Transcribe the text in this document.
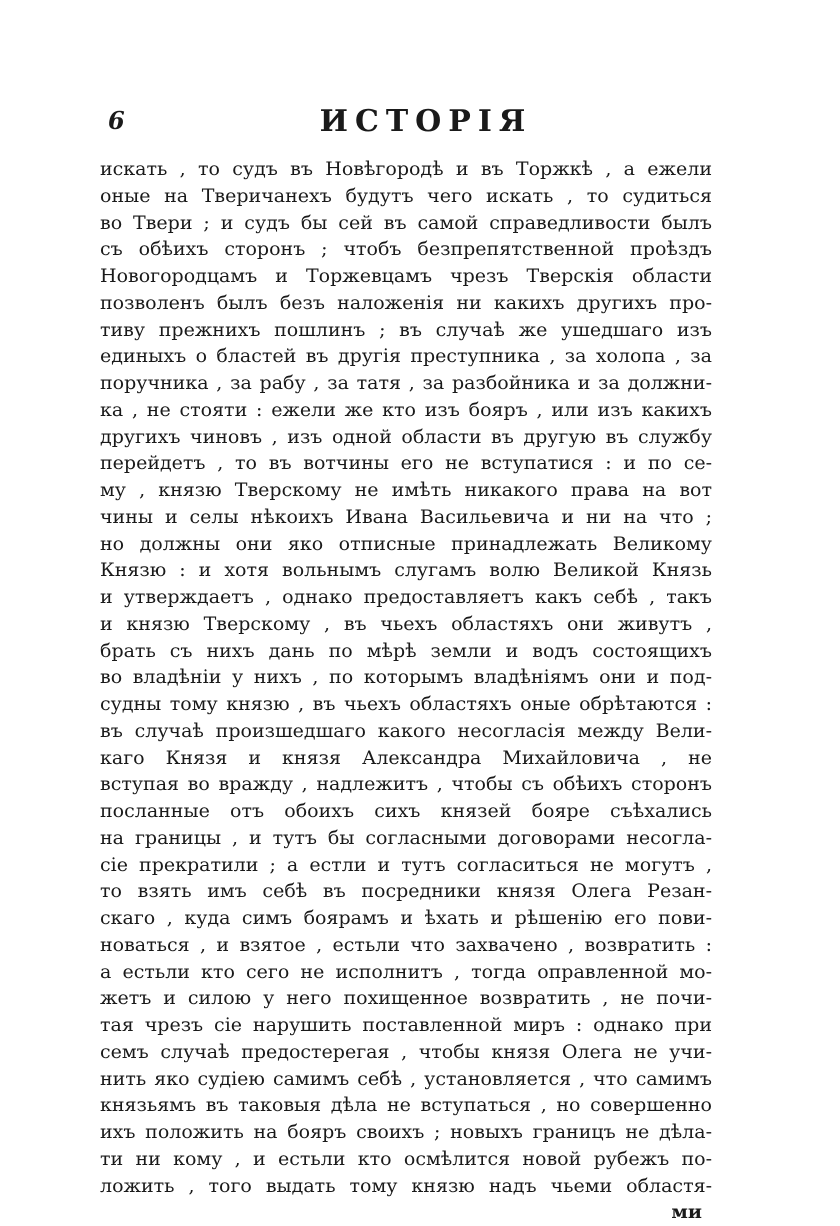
6	ИСТОРІЯ
искать , то судъ въ Новѣгородѣ и въ Торжкѣ , а ежели
оные на Тверичанехъ будутъ чего искать , то судиться
во Твери ; и судъ бы сей въ самой справедливости былъ
съ обѣихъ сторонъ ; чтобъ безпрепятственной проѣздъ
Новогородцамъ и Торжевцамъ чрезъ Тверскія области
позволенъ былъ безъ наложенія ни какихъ другихъ про-
тиву прежнихъ пошлинъ ; въ случаѣ же ушедшаго изъ
единыхъ о бластей въ другія преступника , за холопа , за
поручника , за рабу , за татя , за разбойника и за должни-
ка , не стояти : ежели же кто изъ бояръ , или изъ какихъ
другихъ чиновъ , изъ одной области въ другую въ службу
перейдетъ , то въ вотчины его не вступатися : и по се-
му , князю Тверскому не имѣть никакого права на вот
чины и селы нѣкоихъ Ивана Васильевича и ни на что ;
но должны они яко отписные принадлежать Великому
Князю : и хотя вольнымъ слугамъ волю Великой Князь
и утверждаетъ , однако предоставляетъ какъ себѣ , такъ
и князю Тверскому , въ чьехъ областяхъ они живутъ ,
брать съ нихъ дань по мѣрѣ земли и водъ состоящихъ
во владѣніи у нихъ , по которымъ владѣніямъ они и под-
судны тому князю , въ чьехъ областяхъ оные обрѣтаются :
въ случаѣ произшедшаго какого несогласія между Вели-
каго Князя и князя Александра Михайловича , не
вступая во вражду , надлежитъ , чтобы съ обѣихъ сторонъ
посланные отъ обоихъ сихъ князей бояре съѣхались
на границы , и тутъ бы согласными договорами несогла-
сіе прекратили ; а естли и тутъ согласиться не могутъ ,
то взять имъ себѣ въ посредники князя Олега Резан-
скаго , куда симъ боярамъ и ѣхать и рѣшенію его пови-
новаться , и взятое , естьли что захвачено , возвратить :
а естьли кто сего не исполнитъ , тогда оправленной мо-
жетъ и силою у него похищенное возвратить , не почи-
тая чрезъ сіе нарушить поставленной миръ : однако при
семъ случаѣ предостерегая , чтобы князя Олега не учи-
нить яко судіею самимъ себѣ , установляется , что самимъ
князьямъ въ таковыя дѣла не вступаться , но совершенно
ихъ положить на бояръ своихъ ; новыхъ границъ не дѣла-
ти ни кому , и естьли кто осмѣлится новой рубежъ по-
ложить , того выдать тому князю надъ чьеми областя-
ми
